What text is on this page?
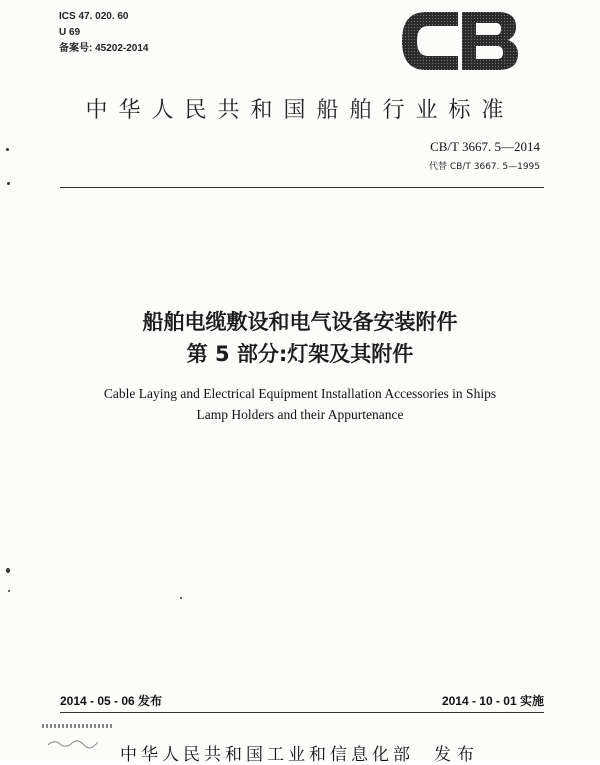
ICS 47. 020. 60
U 69
备案号: 45202-2014
中华人民共和国船舶行业标准
CB/T 3667. 5—2014
代替 CB/T 3667. 5—1995
船舶电缆敷设和电气设备安装附件
第 5 部分:灯架及其附件
Cable Laying and Electrical Equipment Installation Accessories in Ships
Lamp Holders and their Appurtenance
2014 - 05 - 06 发布	2014 - 10 - 01 实施
中华人民共和国工业和信息化部 发布
